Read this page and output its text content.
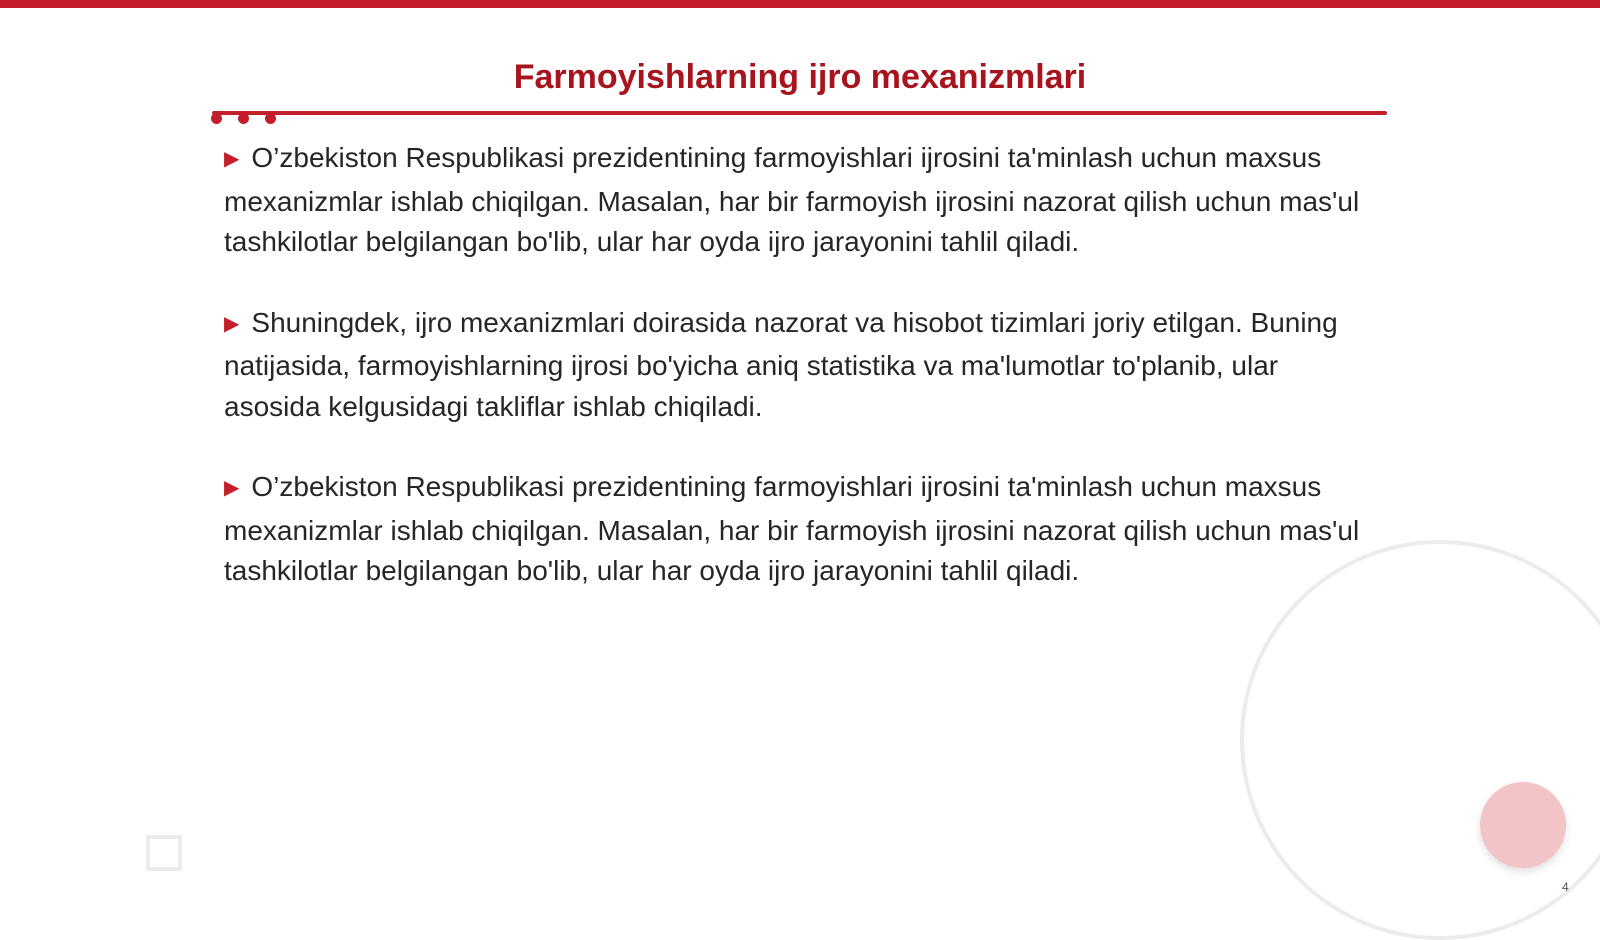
Farmoyishlarning ijro mexanizmlari
▶ O’zbekiston Respublikasi prezidentining farmoyishlari ijrosini ta'minlash uchun maxsus mexanizmlar ishlab chiqilgan. Masalan, har bir farmoyish ijrosini nazorat qilish uchun mas'ul tashkilotlar belgilangan bo'lib, ular har oyda ijro jarayonini tahlil qiladi.
▶ Shuningdek, ijro mexanizmlari doirasida nazorat va hisobot tizimlari joriy etilgan. Buning natijasida, farmoyishlarning ijrosi bo'yicha aniq statistika va ma'lumotlar to'planib, ular asosida kelgusidagi takliflar ishlab chiqiladi.
▶ O’zbekiston Respublikasi prezidentining farmoyishlari ijrosini ta'minlash uchun maxsus mexanizmlar ishlab chiqilgan. Masalan, har bir farmoyish ijrosini nazorat qilish uchun mas'ul tashkilotlar belgilangan bo'lib, ular har oyda ijro jarayonini tahlil qiladi.
4
